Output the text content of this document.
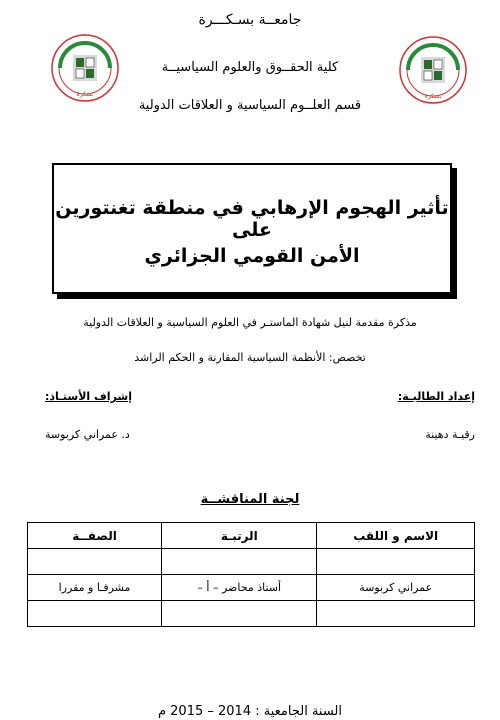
جامعــة بسـكـــرة
كلية الحقــوق والعلوم السياسيــة
قسم العلــوم السياسية و العلاقات الدولية
بسكرة	بسكرة
تأثير الهجوم الإرهابي في منطقة تغنتورين على
الأمن القومي الجزائري
مذكرة مقدمة لنيل شهادة الماستـر في العلوم السياسية و العلاقات الدولية
تخصص: الأنظمة السياسية المقارنة و الحكم الراشد
إعداد الطالبـة:
إشراف الأستـاذ:
رقيـة دهينة
د. عمراني كربوسة
لجنة المناقشــة
الاسم و اللقب	الرتبـة	الصفــة

عمراني كربوسة	أستاذ محاضر – أ –	مشرفـا و مقررا

السنة الجامعية : 2014 – 2015 م
